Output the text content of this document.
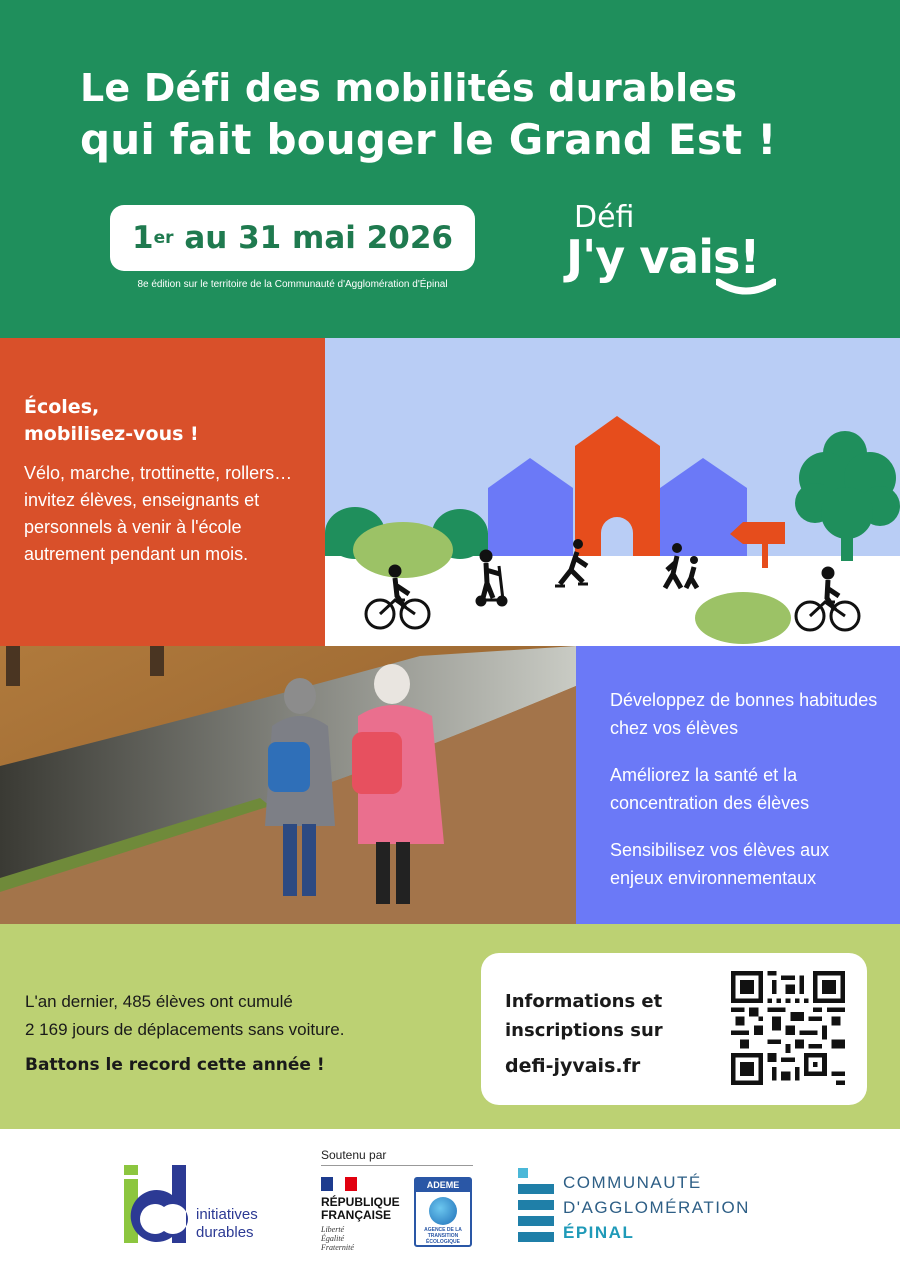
Le Défi des mobilités durables
qui fait bouger le Grand Est !
1 er au 31 mai 2026
8e édition sur le territoire de la Communauté d'Agglomération d'Épinal
Défi
J'y vais!
Écoles,
mobilisez-vous !

Vélo, marche, trottinette, rollers… invitez élèves, enseignants et personnels à venir à l'école autrement pendant un mois.

Développez de bonnes habitudes chez vos élèves

Améliorez la santé et la concentration des élèves

Sensibilisez vos élèves aux enjeux environnementaux

L'an dernier, 485 élèves ont cumulé
2 169 jours de déplacements sans voiture.
Battons le record cette année !
Informations et
inscriptions sur
defi-jyvais.fr
initiatives
durables
Soutenu par
RÉPUBLIQUE
FRANÇAISE
Liberté
Égalité
Fraternité
ADEME
AGENCE DE LA TRANSITION ÉCOLOGIQUE
COMMUNAUTÉ
D'AGGLOMÉRATION
ÉPINAL
